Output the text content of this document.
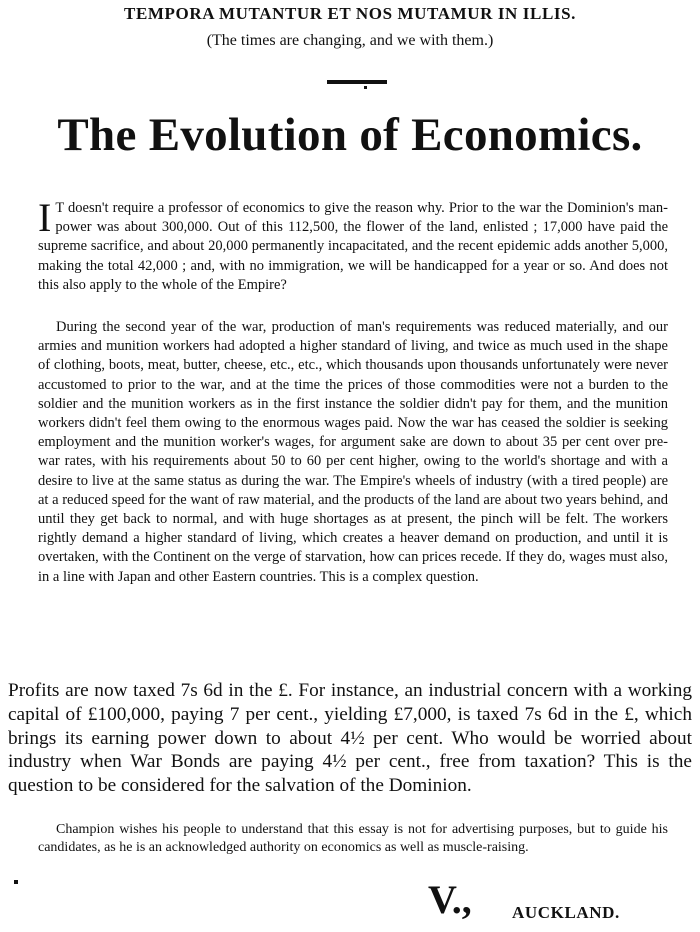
TEMPORA MUTANTUR ET NOS MUTAMUR IN ILLIS.
(The times are changing, and we with them.)
The Evolution of Economics.
I T doesn't require a professor of economics to give the reason why. Prior to the war the Dominion's man-power was about 300,000. Out of this 112,500, the flower of the land, enlisted ; 17,000 have paid the supreme sacrifice, and about 20,000 permanently incapacitated, and the recent epidemic adds another 5,000, making the total 42,000 ; and, with no immigration, we will be handicapped for a year or so. And does not this also apply to the whole of the Empire?
During the second year of the war, production of man's requirements was reduced materially, and our armies and munition workers had adopted a higher standard of living, and twice as much used in the shape of clothing, boots, meat, butter, cheese, etc., etc., which thousands upon thousands unfortunately were never accustomed to prior to the war, and at the time the prices of those commodities were not a burden to the soldier and the munition workers as in the first instance the soldier didn't pay for them, and the munition workers didn't feel them owing to the enormous wages paid. Now the war has ceased the soldier is seeking employment and the munition worker's wages, for argument sake are down to about 35 per cent over pre-war rates, with his requirements about 50 to 60 per cent higher, owing to the world's shortage and with a desire to live at the same status as during the war. The Empire's wheels of industry (with a tired people) are at a reduced speed for the want of raw material, and the products of the land are about two years behind, and until they get back to normal, and with huge shortages as at present, the pinch will be felt. The workers rightly demand a higher standard of living, which creates a heaver demand on production, and until it is overtaken, with the Continent on the verge of starvation, how can prices recede. If they do, wages must also, in a line with Japan and other Eastern countries. This is a complex question.
Profits are now taxed 7s 6d in the £. For instance, an industrial concern with a working capital of £100,000, paying 7 per cent., yielding £7,000, is taxed 7s 6d in the £, which brings its earning power down to about 4½ per cent. Who would be worried about industry when War Bonds are paying 4½ per cent., free from taxation? This is the question to be considered for the salvation of the Dominion.
Champion wishes his people to understand that this essay is not for advertising purposes, but to guide his candidates, as he is an acknowledged authority on economics as well as muscle-raising.
V., AUCKLAND.
